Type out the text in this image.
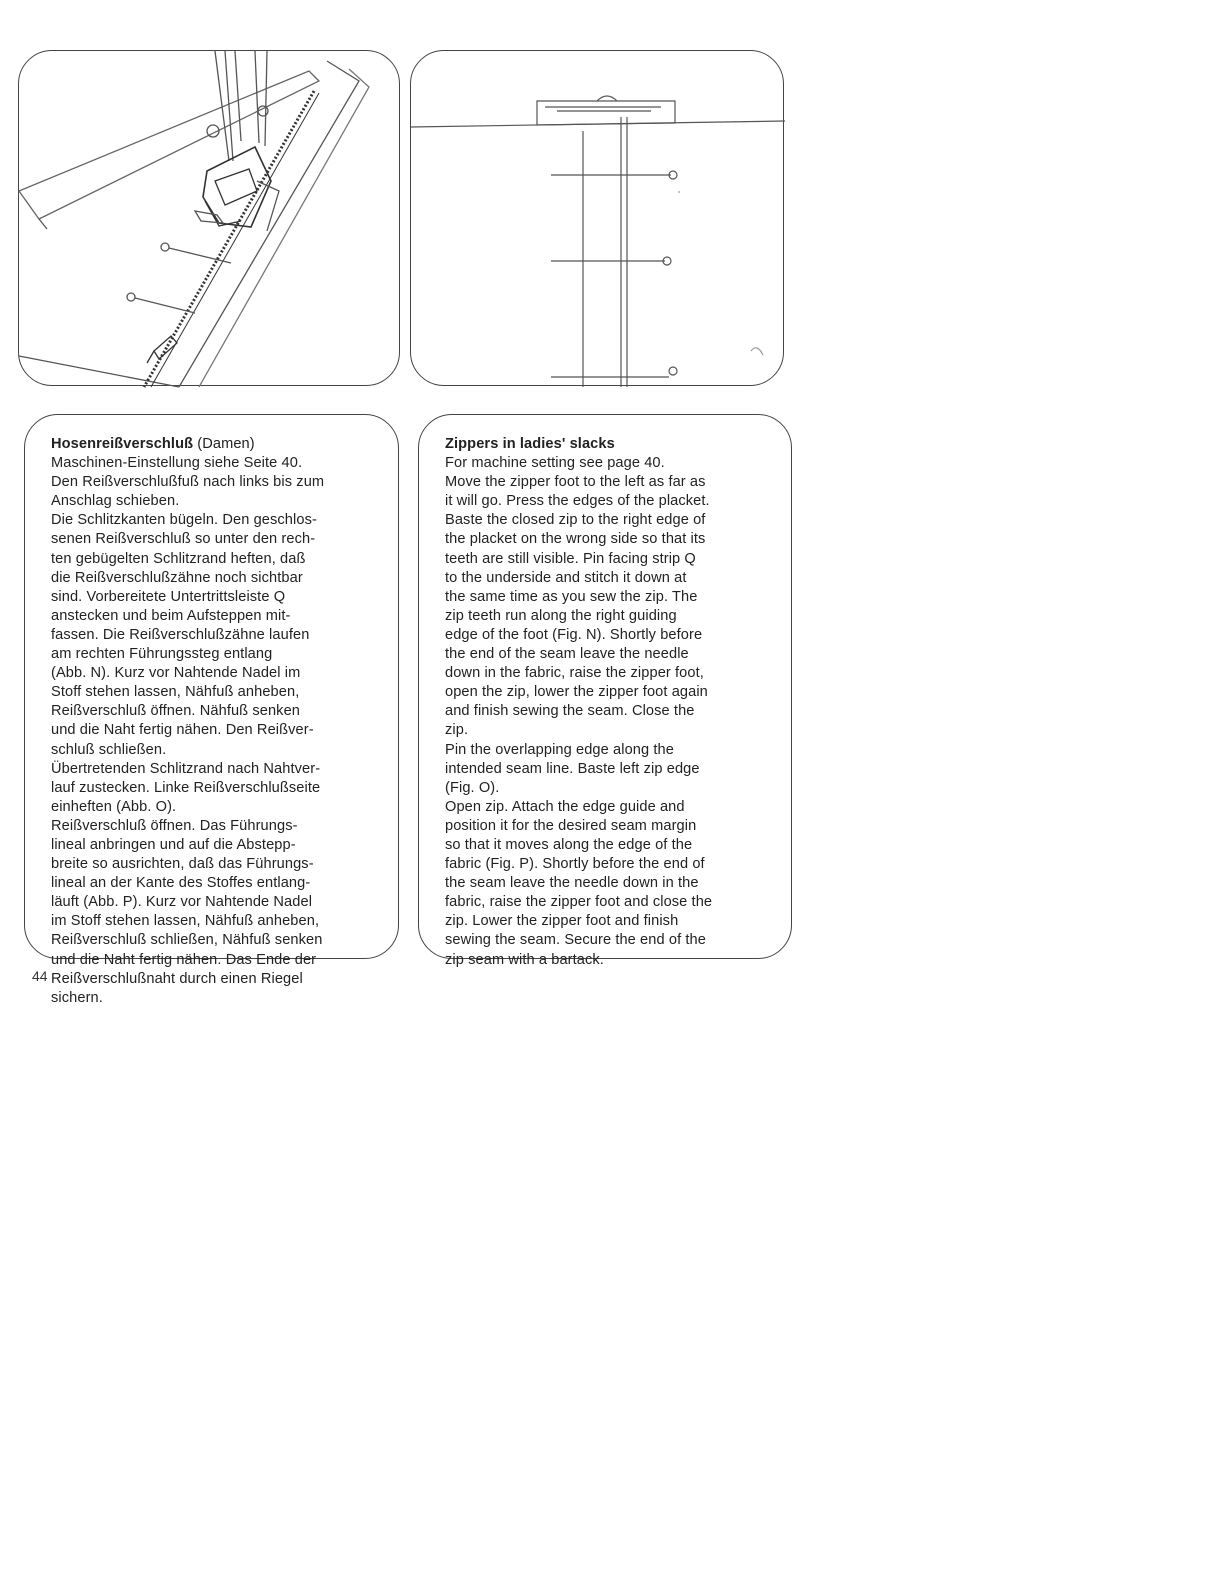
Hosenreißverschluß (Damen)

Maschinen-Einstellung siehe Seite 40.

Den Reißverschlußfuß nach links bis zum

Anschlag schieben.

Die Schlitzkanten bügeln. Den geschlos-

senen Reißverschluß so unter den rech-

ten gebügelten Schlitzrand heften, daß

die Reißverschlußzähne noch sichtbar

sind. Vorbereitete Untertrittsleiste Q

anstecken und beim Aufsteppen mit-

fassen. Die Reißverschlußzähne laufen

am rechten Führungssteg entlang

(Abb. N). Kurz vor Nahtende Nadel im

Stoff stehen lassen, Nähfuß anheben,

Reißverschluß öffnen. Nähfuß senken

und die Naht fertig nähen. Den Reißver-

schluß schließen.

Übertretenden Schlitzrand nach Nahtver-

lauf zustecken. Linke Reißverschlußseite

einheften (Abb. O).

Reißverschluß öffnen. Das Führungs-

lineal anbringen und auf die Abstepp-

breite so ausrichten, daß das Führungs-

lineal an der Kante des Stoffes entlang-

läuft (Abb. P). Kurz vor Nahtende Nadel

im Stoff stehen lassen, Nähfuß anheben,

Reißverschluß schließen, Nähfuß senken

und die Naht fertig nähen. Das Ende der

Reißverschlußnaht durch einen Riegel

sichern.

Zippers in ladies' slacks

For machine setting see page 40.

Move the zipper foot to the left as far as

it will go. Press the edges of the placket.

Baste the closed zip to the right edge of

the placket on the wrong side so that its

teeth are still visible. Pin facing strip Q

to the underside and stitch it down at

the same time as you sew the zip. The

zip teeth run along the right guiding

edge of the foot (Fig. N). Shortly before

the end of the seam leave the needle

down in the fabric, raise the zipper foot,

open the zip, lower the zipper foot again

and finish sewing the seam. Close the

zip.

Pin the overlapping edge along the

intended seam line. Baste left zip edge

(Fig. O).

Open zip. Attach the edge guide and

position it for the desired seam margin

so that it moves along the edge of the

fabric (Fig. P). Shortly before the end of

the seam leave the needle down in the

fabric, raise the zipper foot and close the

zip. Lower the zipper foot and finish

sewing the seam. Secure the end of the

zip seam with a bartack.

44
